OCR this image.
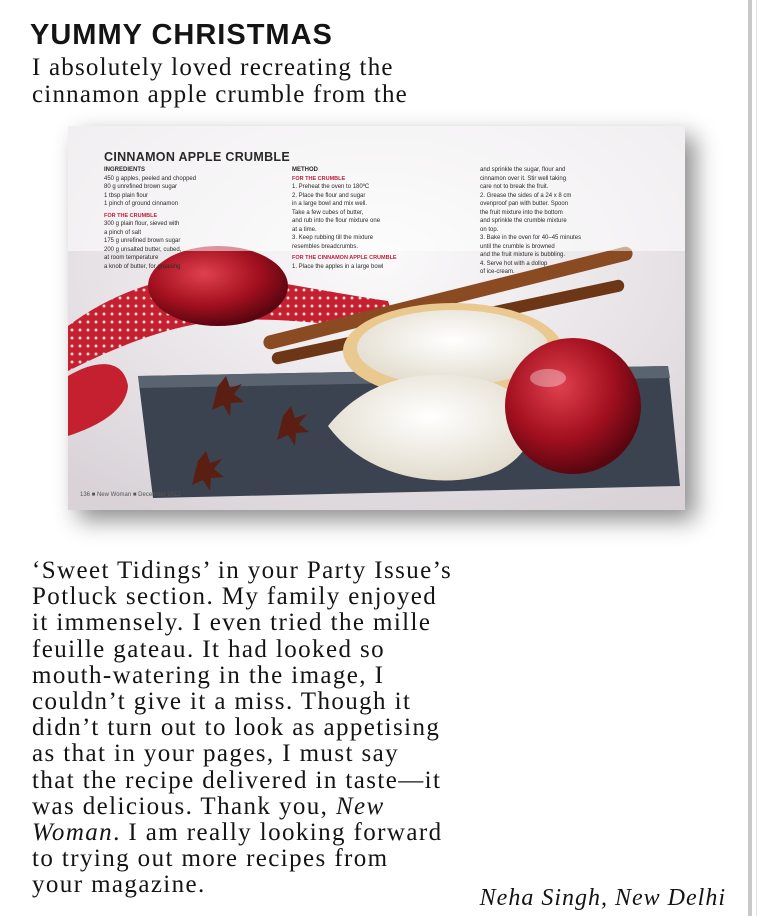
YUMMY CHRISTMAS

I absolutely loved recreating the
cinnamon apple crumble from the

CINNAMON APPLE CRUMBLE

INGREDIENTS

450 g apples, peeled and chopped

80 g unrefined brown sugar

1 tbsp plain flour

1 pinch of ground cinnamon

FOR THE CRUMBLE

300 g plain flour, sieved with

a pinch of salt

175 g unrefined brown sugar

200 g unsalted butter, cubed,

at room temperature

a knob of butter, for greasing

METHOD

FOR THE CRUMBLE

1. Preheat the oven to 180ºC

2. Place the flour and sugar

in a large bowl and mix well.

Take a few cubes of butter,

and rub into the flour mixture one

at a time.

3. Keep rubbing till the mixture

resembles breadcrumbs.

FOR THE CINNAMON APPLE CRUMBLE

1. Place the apples in a large bowl

and sprinkle the sugar, flour and

cinnamon over it. Stir well taking

care not to break the fruit.

2. Grease the sides of a 24 x 8 cm

ovenproof pan with butter. Spoon

the fruit mixture into the bottom

and sprinkle the crumble mixture

on top.

3. Bake in the oven for 40–45 minutes

until the crumble is browned

and the fruit mixture is bubbling.

4. Serve hot with a dollop

of ice-cream.

136 ■ New Woman ■ December 2012

‘Sweet Tidings’ in your Party Issue’s
Potluck section. My family enjoyed
it immensely. I even tried the mille
feuille gateau. It had looked so
mouth-watering in the image, I
couldn’t give it a miss. Though it
didn’t turn out to look as appetising
as that in your pages, I must say
that the recipe delivered in taste—it
was delicious. Thank you, New
Woman. I am really looking forward
to trying out more recipes from
your magazine.	Neha Singh, New Delhi
